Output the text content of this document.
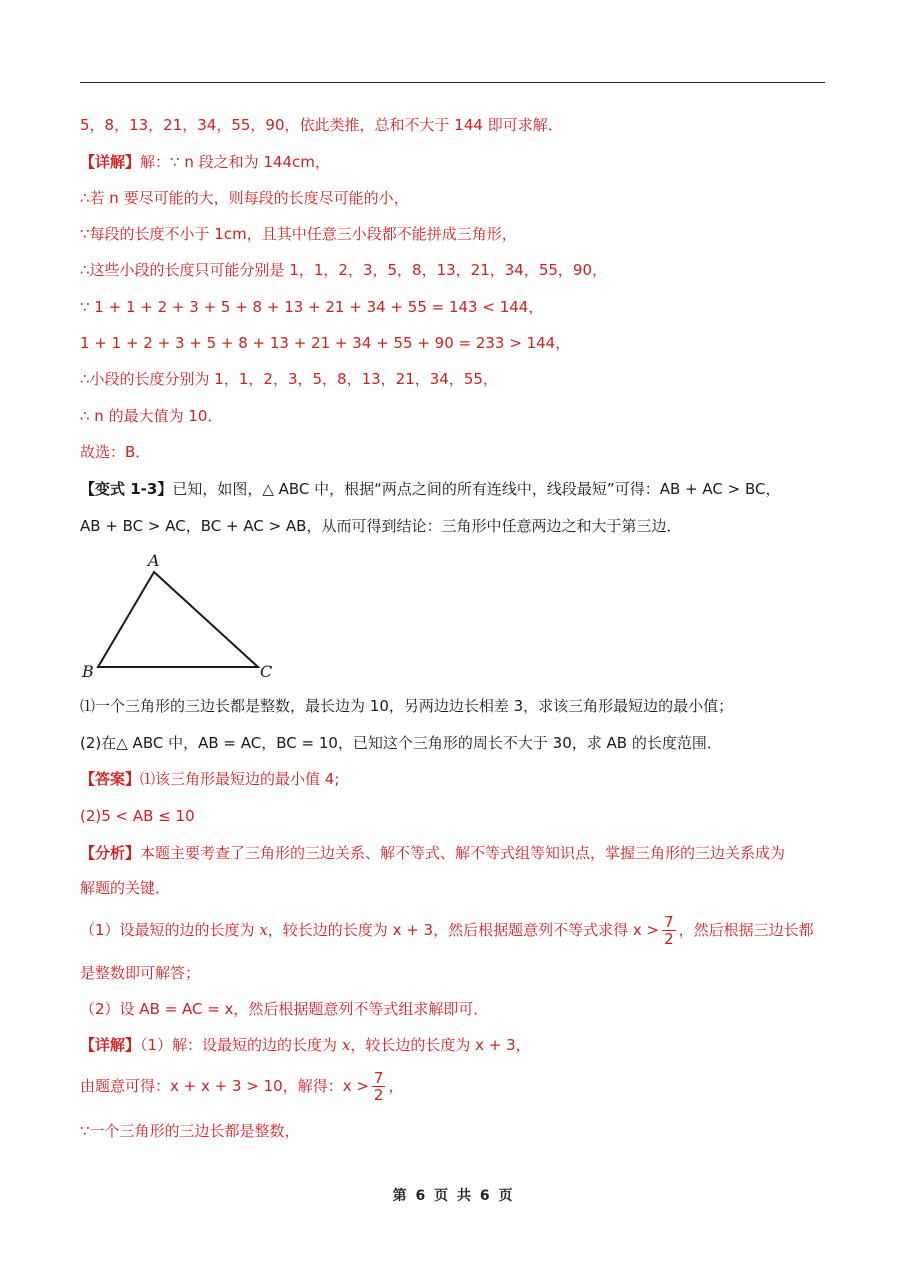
5，8，13，21，34，55，90，依此类推，总和不大于 144 即可求解．
【详解】解：∵ n 段之和为 144cm，
∴若 n 要尽可能的大，则每段的长度尽可能的小，
∵每段的长度不小于 1cm，且其中任意三小段都不能拼成三角形，
∴这些小段的长度只可能分别是 1，1，2，3，5，8，13，21，34，55，90，
∵ 1 + 1 + 2 + 3 + 5 + 8 + 13 + 21 + 34 + 55 = 143 < 144，
1 + 1 + 2 + 3 + 5 + 8 + 13 + 21 + 34 + 55 + 90 = 233 > 144，
∴小段的长度分别为 1，1，2，3，5，8，13，21，34，55，
∴ n 的最大值为 10．
故选：B．
【变式 1-3】已知，如图，△ ABC 中，根据“两点之间的所有连线中，线段最短”可得：AB + AC > BC，
AB + BC > AC，BC + AC > AB，从而可得到结论：三角形中任意两边之和大于第三边．
A
B	C
⑴一个三角形的三边长都是整数，最长边为 10，另两边边长相差 3，求该三角形最短边的最小值；
(2)在△ ABC 中，AB = AC，BC = 10，已知这个三角形的周长不大于 30，求 AB 的长度范围．
【答案】⑴该三角形最短边的最小值 4;
(2)5 < AB ≤ 10
【分析】本题主要考查了三角形的三边关系、解不等式、解不等式组等知识点，掌握三角形的三边关系成为
解题的关键．
（1）设最短的边的长度为 x，较长边的长度为 x + 3，然后根据题意列不等式求得 $x > \frac{7}{2}$ ，然后根据三边长都
是整数即可解答；
（2）设 AB = AC = x，然后根据题意列不等式组求解即可．
【详解】（1）解：设最短的边的长度为 x，较长边的长度为 x + 3，
由题意可得：x + x + 3 > 10，解得：$x > \frac{7}{2}$ ，
∵一个三角形的三边长都是整数，
第 6 页 共 6 页
